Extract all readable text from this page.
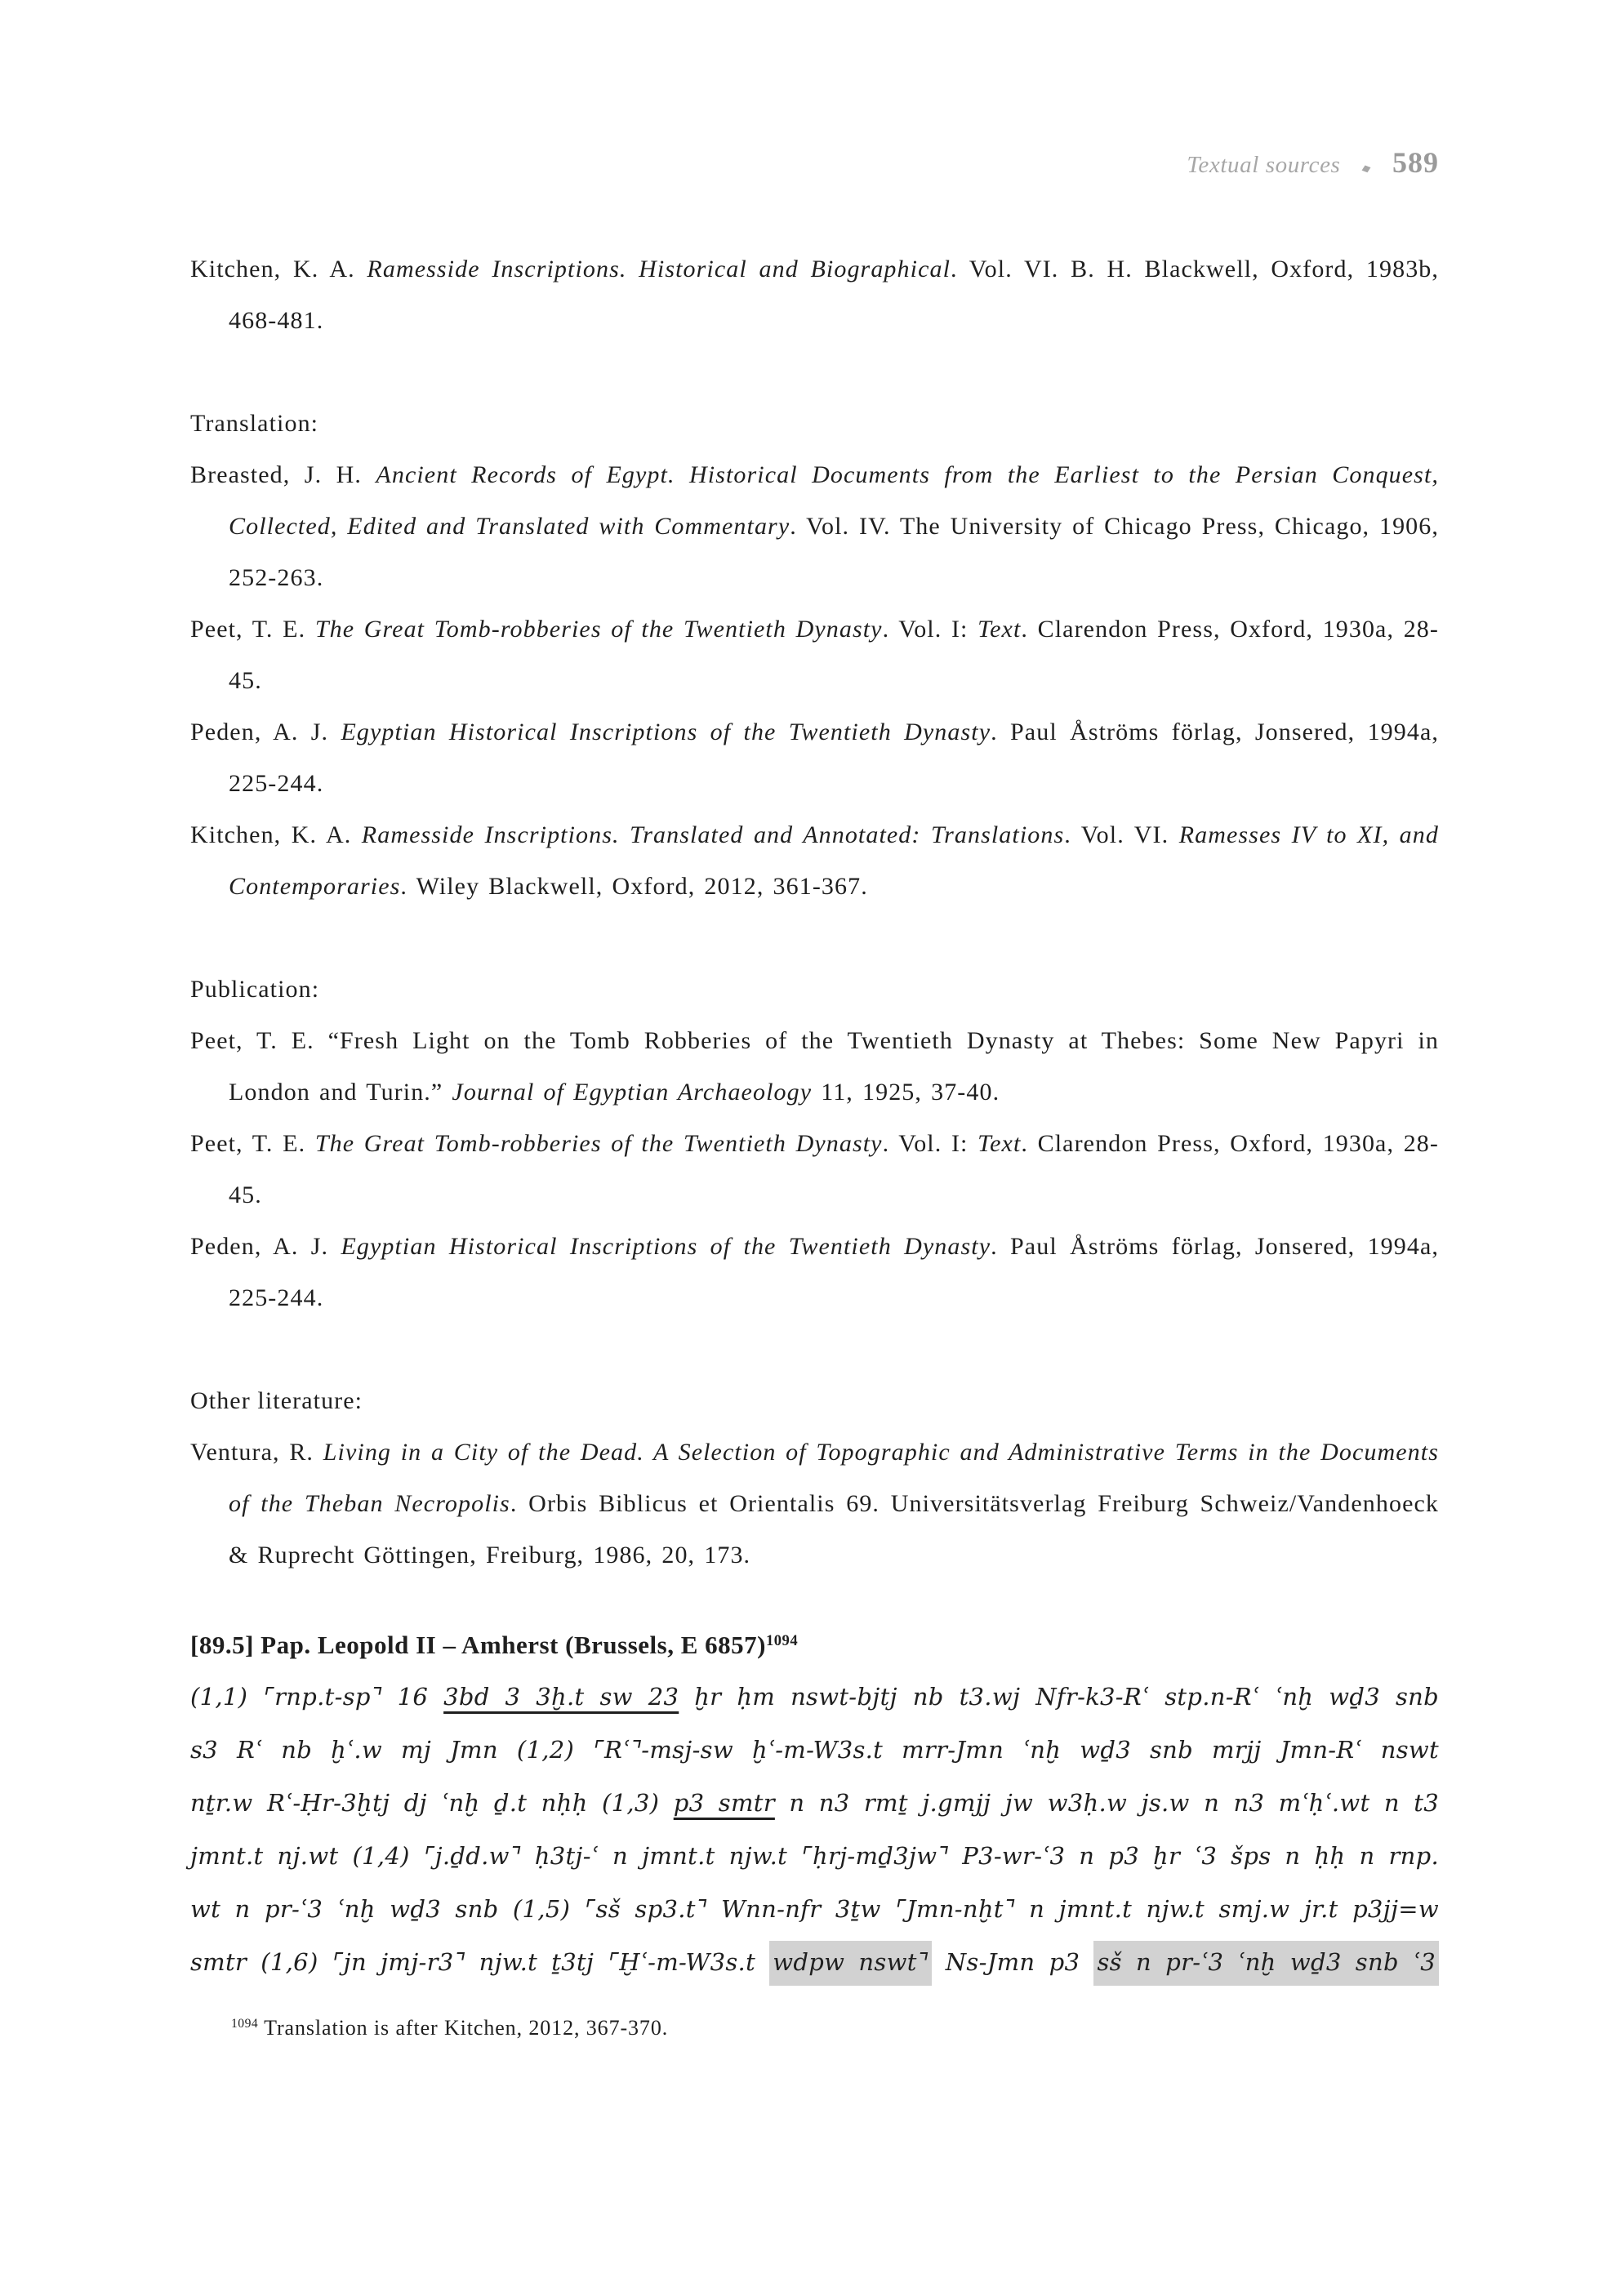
Textual sources ◆ 589

Kitchen, K. A. Ramesside Inscriptions. Historical and Biographical. Vol. VI. B. H. Blackwell, Oxford, 1983b, 468-481.

Translation:

Breasted, J. H. Ancient Records of Egypt. Historical Documents from the Earliest to the Persian Conquest, Collected, Edited and Translated with Commentary. Vol. IV. The University of Chicago Press, Chicago, 1906, 252-263.

Peet, T. E. The Great Tomb-robberies of the Twentieth Dynasty. Vol. I: Text. Clarendon Press, Oxford, 1930a, 28-45.

Peden, A. J. Egyptian Historical Inscriptions of the Twentieth Dynasty. Paul Åströms förlag, Jonsered, 1994a, 225-244.

Kitchen, K. A. Ramesside Inscriptions. Translated and Annotated: Translations. Vol. VI. Ramesses IV to XI, and Contemporaries. Wiley Blackwell, Oxford, 2012, 361-367.

Publication:

Peet, T. E. “Fresh Light on the Tomb Robberies of the Twentieth Dynasty at Thebes: Some New Papyri in London and Turin.” Journal of Egyptian Archaeology 11, 1925, 37-40.

Peet, T. E. The Great Tomb-robberies of the Twentieth Dynasty. Vol. I: Text. Clarendon Press, Oxford, 1930a, 28-45.

Peden, A. J. Egyptian Historical Inscriptions of the Twentieth Dynasty. Paul Åströms förlag, Jonsered, 1994a, 225-244.

Other literature:

Ventura, R. Living in a City of the Dead. A Selection of Topographic and Administrative Terms in the Documents of the Theban Necropolis. Orbis Biblicus et Orientalis 69. Universitätsverlag Freiburg Schweiz/Vandenhoeck & Ruprecht Göttingen, Freiburg, 1986, 20, 173.

[89.5] Pap. Leopold II – Amherst (Brussels, E 6857)$^{1094}$
(1,1) ⌜rnp.t-sp⌝ 16 3bd 3 3ḫ.t sw 23 ḫr ḥm nswt-bjtj nb t3.wj Nfr-k3-Rʿ stp.n-Rʿ ʿnḫ wḏ3 snb
s3 Rʿ nb ḫʿ.w mj Jmn (1,2) ⌜Rʿ⌝-msj-sw ḫʿ-m-W3s.t mrr-Jmn ʿnḫ wḏ3 snb mrjj Jmn-Rʿ nswt
nṯr.w Rʿ-Ḥr-3ḫtj dj ʿnḫ ḏ.t nḥḥ (1,3) p3 smtr n n3 rmṯ j.gmjj jw w3ḥ.w js.w n n3 mʿḥʿ.wt n t3
jmnt.t nj.wt (1,4) ⌜j.ḏd.w⌝ ḥ3tj-ʿ n jmnt.t njw.t ⌜ḥrj-mḏ3jw⌝ P3-wr-ʿ3 n p3 ḫr ʿ3 šps n ḥḥ n rnp.
wt n pr-ʿ3 ʿnḫ wḏ3 snb (1,5) ⌜sš sp3.t⌝ Wnn-nfr 3ṯw ⌜Jmn-nḫt⌝ n jmnt.t njw.t smj.w jr.t p3jj=w
smtr (1,6) ⌜jn jmj-r3⌝ njw.t ṯ3tj ⌜Ḫʿ-m-W3s.t wdpw nswt⌝ Ns-Jmn p3 sš n pr-ʿ3 ʿnḫ wḏ3 snb ʿ3

$^{1094}$ Translation is after Kitchen, 2012, 367-370.
